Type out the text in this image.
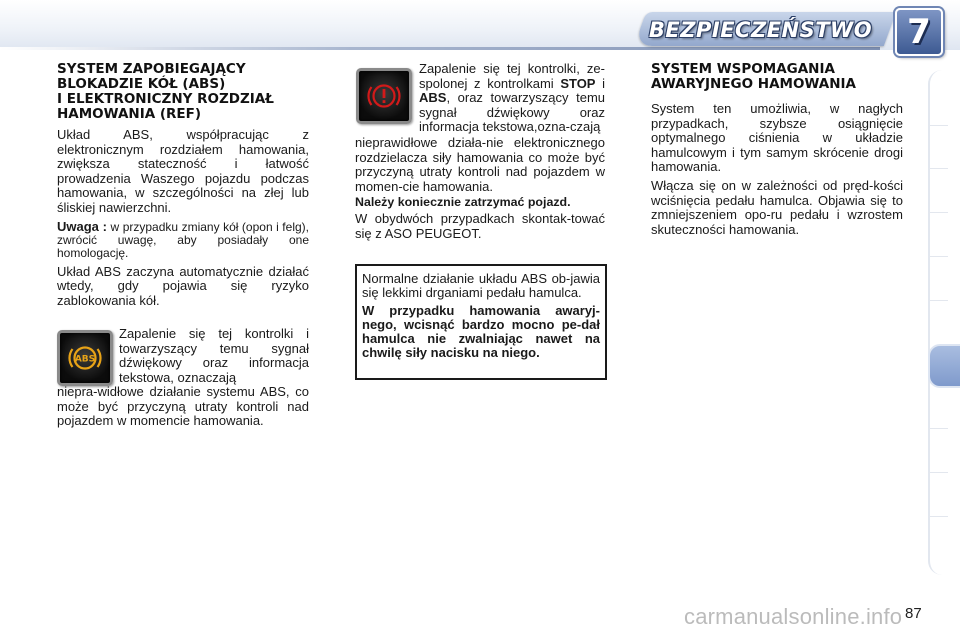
BEZPIECZEŃSTWO 7
SYSTEM ZAPOBIEGAJĄCY
BLOKADZIE KÓŁ (ABS)
I ELEKTRONICZNY ROZDZIAŁ
HAMOWANIA (REF)

Układ ABS, współpracując z elektronicznym rozdziałem hamowania, zwiększa stateczność i łatwość prowadzenia Waszego pojazdu podczas hamowania, w szczególności na złej lub śliskiej nawierzchni.

Uwaga : w przypadku zmiany kół (opon i felg), zwrócić uwagę, aby posiadały one homologację.

Układ ABS zaczyna automatycznie działać wtedy, gdy pojawia się ryzyko zablokowania kół.

ABS
Zapalenie się tej kontrolki i towarzyszący temu sygnał dźwiękowy oraz informacja tekstowa, oznaczają
niepra-widłowe działanie systemu ABS, co może być przyczyną utraty kontroli nad pojazdem w momencie hamowania.
Zapalenie się tej kontrolki, ze-spolonej z kontrolkami STOP i ABS, oraz towarzyszący temu sygnał dźwiękowy oraz informacja tekstowa,ozna-czają
nieprawidłowe działa-nie elektronicznego rozdzielacza siły hamowania co może być przyczyną utraty kontroli nad pojazdem w momen-cie hamowania.
Należy koniecznie zatrzymać pojazd.
W obydwóch przypadkach skontak-tować się z ASO PEUGEOT.

Normalne działanie układu ABS ob-jawia się lekkimi drganiami pedału hamulca.

W przypadku hamowania awaryj-nego, wcisnąć bardzo mocno pe-dał hamulca nie zwalniając nawet na chwilę siły nacisku na niego.

SYSTEM WSPOMAGANIA
AWARYJNEGO HAMOWANIA

System ten umożliwia, w nagłych przypadkach, szybsze osiągnięcie optymalnego ciśnienia w układzie hamulcowym i tym samym skrócenie drogi hamowania.

Włącza się on w zależności od pręd-kości wciśnięcia pedału hamulca. Objawia się to zmniejszeniem opo-ru pedału i wzrostem skuteczności hamowania.

carmanualsonline.info 87
